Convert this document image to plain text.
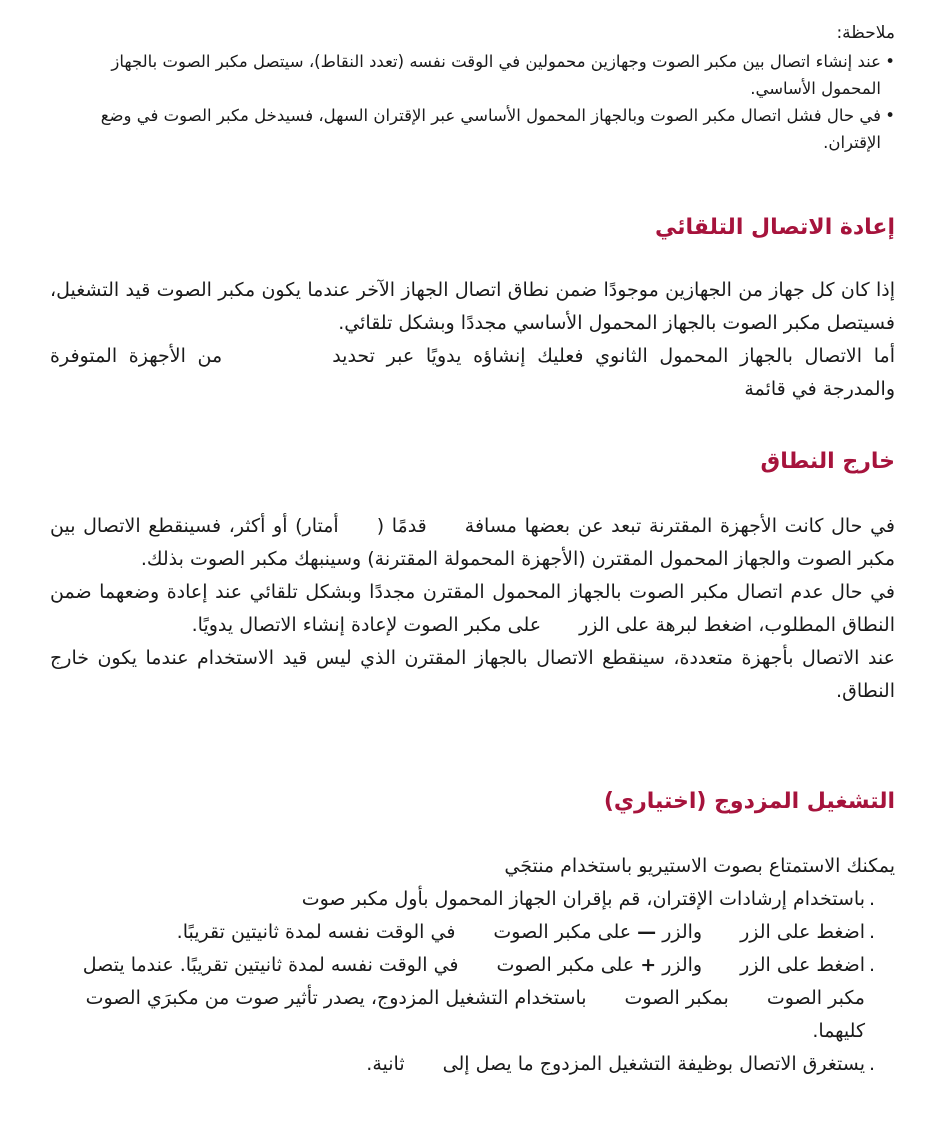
ملاحظة:
• عند إنشاء اتصال بين مكبر الصوت وجهازين محمولين في الوقت نفسه (تعدد النقاط)، سيتصل مكبر الصوت بالجهاز المحمول الأساسي.
• في حال فشل اتصال مكبر الصوت وبالجهاز المحمول الأساسي عبر الإقتران السهل، فسيدخل مكبر الصوت في وضع الإقتران.
إعادة الاتصال التلقائي

إذا كان كل جهاز من الجهازين موجودًا ضمن نطاق اتصال الجهاز الآخر عندما يكون مكبر الصوت قيد التشغيل، فسيتصل مكبر الصوت بالجهاز المحمول الأساسي مجددًا وبشكل تلقائي.

أما الاتصال بالجهاز المحمول الثانوي فعليك إنشاؤه يدويًا عبر تحديدمن الأجهزة المتوفرة والمدرجة في قائمة

خارج النطاق

في حال كانت الأجهزة المقترنة تبعد عن بعضها مسافةقدمًا (أمتار) أو أكثر، فسينقطع الاتصال بين مكبر الصوت والجهاز المحمول المقترن (الأجهزة المحمولة المقترنة) وسينبهك مكبر الصوت بذلك.

في حال عدم اتصال مكبر الصوت بالجهاز المحمول المقترن مجددًا وبشكل تلقائي عند إعادة وضعهما ضمن النطاق المطلوب، اضغط لبرهة على الزرعلى مكبر الصوت لإعادة إنشاء الاتصال يدويًا.

عند الاتصال بأجهزة متعددة، سينقطع الاتصال بالجهاز المقترن الذي ليس قيد الاستخدام عندما يكون خارج النطاق.

التشغيل المزدوج (اختياري)

يمكنك الاستمتاع بصوت الاستيريو باستخدام منتجَي

. باستخدام إرشادات الإقتران، قم بإقران الجهاز المحمول بأول مكبر صوت
. اضغط على الزروالزر — على مكبر الصوتفي الوقت نفسه لمدة ثانيتين تقريبًا.
. اضغط على الزروالزر + على مكبر الصوتفي الوقت نفسه لمدة ثانيتين تقريبًا. عندما يتصل مكبر الصوتبمكبر الصوتباستخدام التشغيل المزدوج، يصدر تأثير صوت من مكبرَي الصوت كليهما.
. يستغرق الاتصال بوظيفة التشغيل المزدوج ما يصل إلىثانية.
